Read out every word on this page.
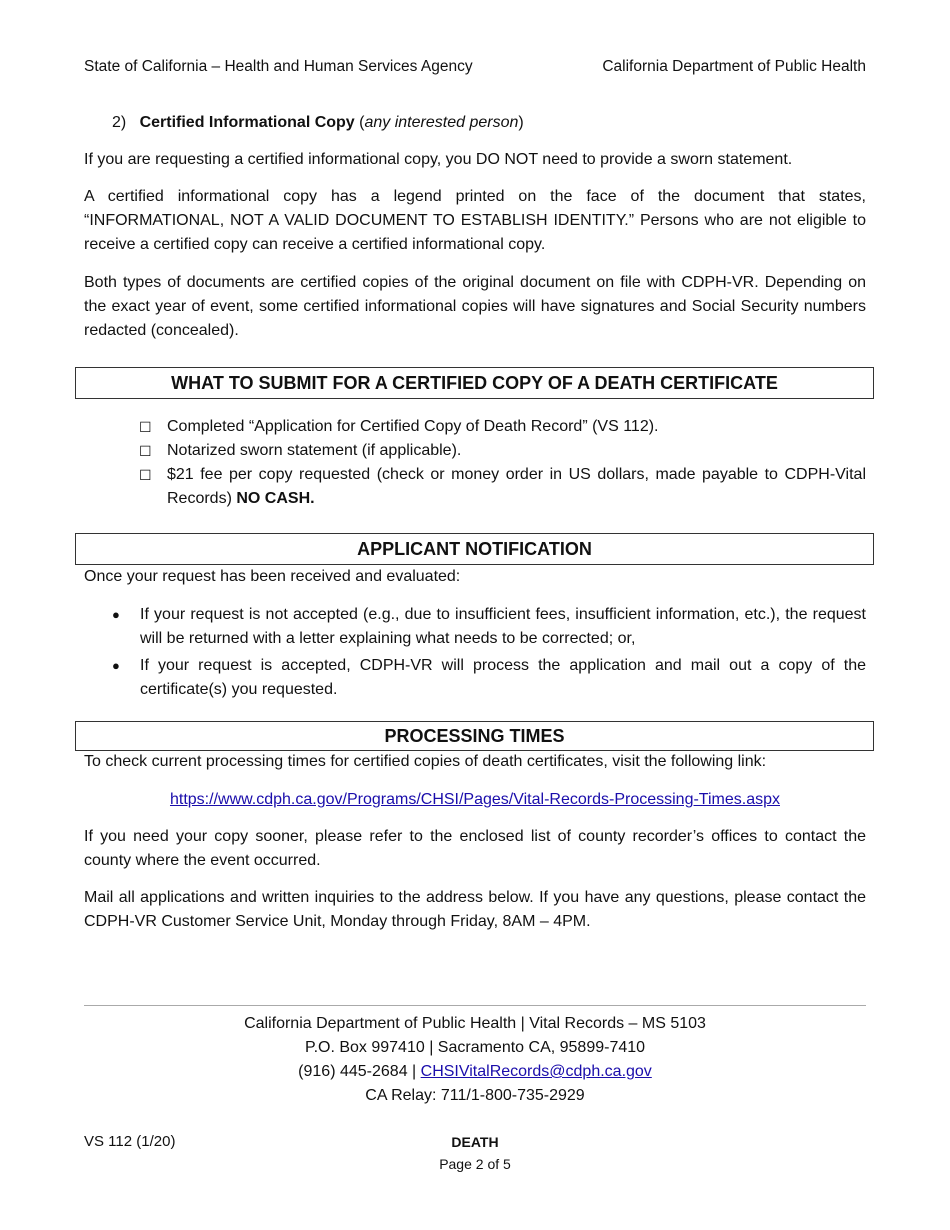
State of California – Health and Human Services Agency	California Department of Public Health
2) Certified Informational Copy (any interested person)
If you are requesting a certified informational copy, you DO NOT need to provide a sworn statement.
A certified informational copy has a legend printed on the face of the document that states, “INFORMATIONAL, NOT A VALID DOCUMENT TO ESTABLISH IDENTITY.” Persons who are not eligible to receive a certified copy can receive a certified informational copy.
Both types of documents are certified copies of the original document on file with CDPH-VR. Depending on the exact year of event, some certified informational copies will have signatures and Social Security numbers redacted (concealed).
WHAT TO SUBMIT FOR A CERTIFIED COPY OF A DEATH CERTIFICATE
☐ Completed “Application for Certified Copy of Death Record” (VS 112).
☐ Notarized sworn statement (if applicable).
☐ $21 fee per copy requested (check or money order in US dollars, made payable to CDPH-Vital Records) NO CASH.
APPLICANT NOTIFICATION
Once your request has been received and evaluated:
●	If your request is not accepted (e.g., due to insufficient fees, insufficient information, etc.), the request will be returned with a letter explaining what needs to be corrected; or,
●	If your request is accepted, CDPH-VR will process the application and mail out a copy of the certificate(s) you requested.
PROCESSING TIMES
To check current processing times for certified copies of death certificates, visit the following link:
https://www.cdph.ca.gov/Programs/CHSI/Pages/Vital-Records-Processing-Times.aspx
If you need your copy sooner, please refer to the enclosed list of county recorder’s offices to contact the county where the event occurred.
Mail all applications and written inquiries to the address below. If you have any questions, please contact the CDPH-VR Customer Service Unit, Monday through Friday, 8AM – 4PM.
California Department of Public Health | Vital Records – MS 5103
P.O. Box 997410 | Sacramento CA, 95899-7410
(916) 445-2684 | CHSIVitalRecords@cdph.ca.gov
CA Relay: 711/1-800-735-2929
VS 112 (1/20)	DEATH
Page 2 of 5
